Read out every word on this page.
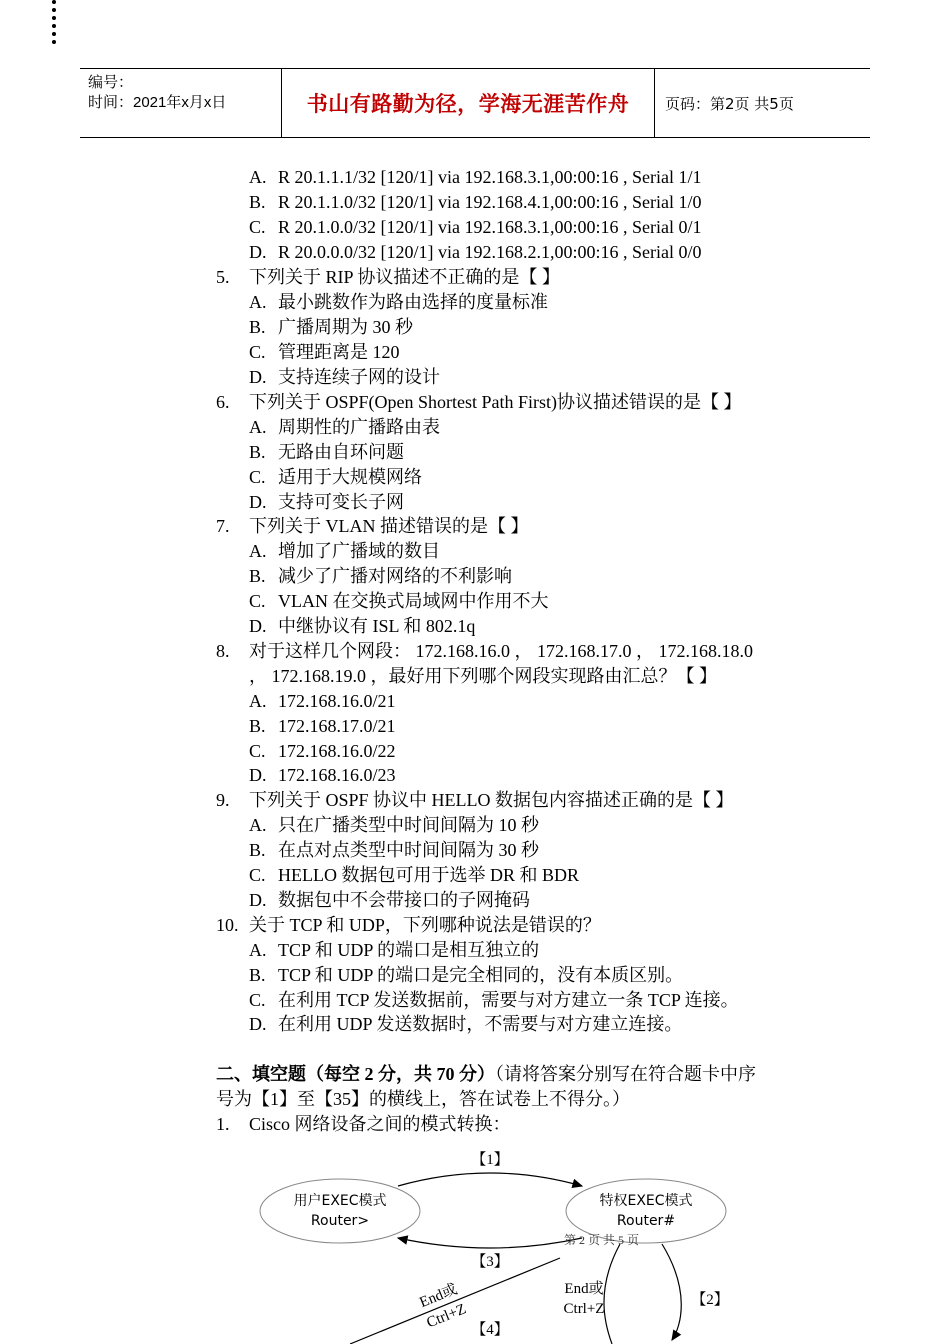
编号：
时间：2021年x月x日	书山有路勤为径，学海无涯苦作舟 页码：第2页 共5页
A. R 20.1.1.1/32 [120/1] via 192.168.3.1,00:00:16 , Serial 1/1
B. R 20.1.1.0/32 [120/1] via 192.168.4.1,00:00:16 , Serial 1/0
C. R 20.1.0.0/32 [120/1] via 192.168.3.1,00:00:16 , Serial 0/1
D. R 20.0.0.0/32 [120/1] via 192.168.2.1,00:00:16 , Serial 0/0
5. 下列关于 RIP 协议描述不正确的是【 】
A. 最小跳数作为路由选择的度量标准
B. 广播周期为 30 秒
C. 管理距离是 120
D. 支持连续子网的设计
6. 下列关于 OSPF(Open Shortest Path First)协议描述错误的是【 】
A. 周期性的广播路由表
B. 无路由自环问题
C. 适用于大规模网络
D. 支持可变长子网
7. 下列关于 VLAN 描述错误的是【 】
A. 增加了广播域的数目
B. 减少了广播对网络的不利影响
C. VLAN 在交换式局域网中作用不大
D. 中继协议有 ISL 和 802.1q
8. 对于这样几个网段： 172.168.16.0 ， 172.168.17.0 ， 172.168.18.0
， 172.168.19.0 ，最好用下列哪个网段实现路由汇总？【 】
A. 172.168.16.0/21
B. 172.168.17.0/21
C. 172.168.16.0/22
D. 172.168.16.0/23
9. 下列关于 OSPF 协议中 HELLO 数据包内容描述正确的是【 】
A. 只在广播类型中时间间隔为 10 秒
B. 在点对点类型中时间间隔为 30 秒
C. HELLO 数据包可用于选举 DR 和 BDR
D. 数据包中不会带接口的子网掩码
10. 关于 TCP 和 UDP，下列哪种说法是错误的？
A. TCP 和 UDP 的端口是相互独立的
B. TCP 和 UDP 的端口是完全相同的，没有本质区别。
C. 在利用 TCP 发送数据前，需要与对方建立一条 TCP 连接。
D. 在利用 UDP 发送数据时，不需要与对方建立连接。
二、填空题（每空 2 分，共 70 分）（请将答案分别写在符合题卡中序
号为【1】至【35】的横线上，答在试卷上不得分。）
1. Cisco 网络设备之间的模式转换：
用户EXEC模式
Router>
特权EXEC模式
Router#
【1】
【3】
第 2 页 共 5 页
End或
Ctrl+Z
【2】
End或
Ctrl+Z 【4】
